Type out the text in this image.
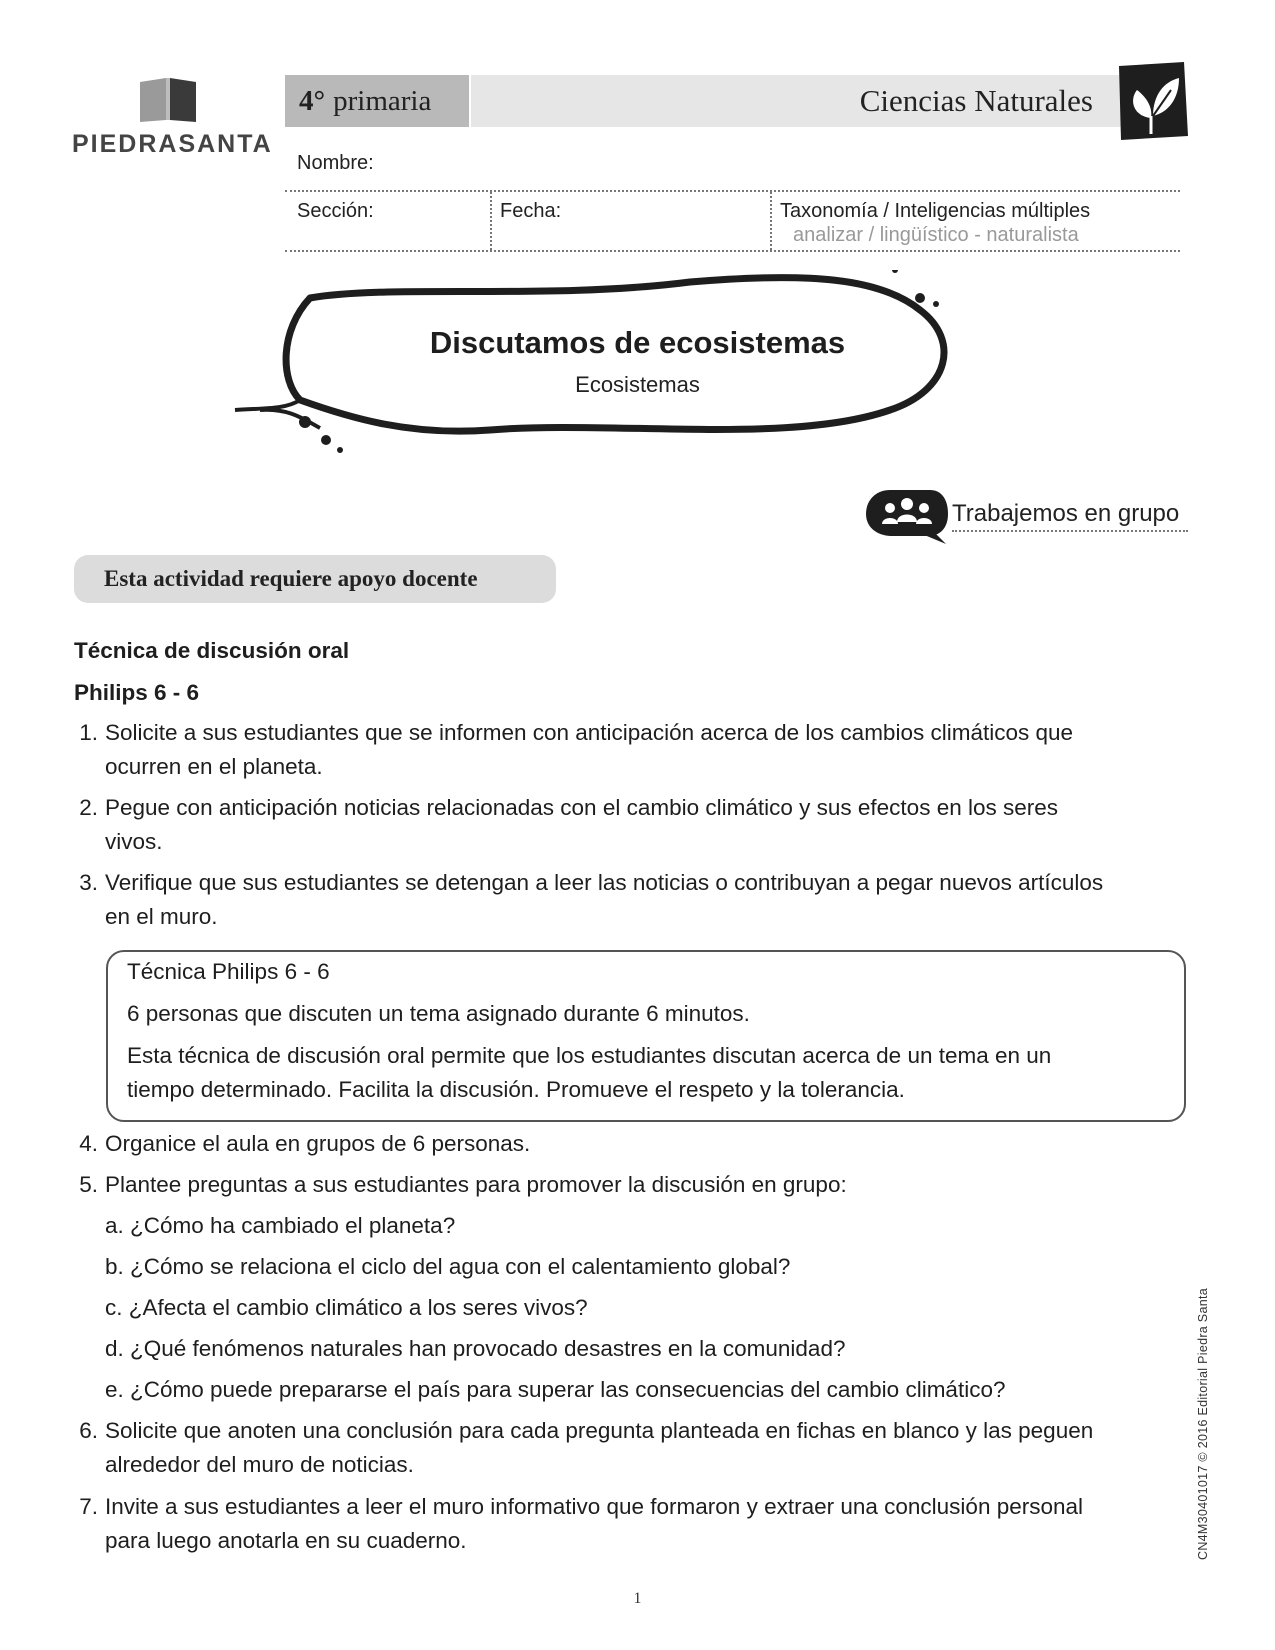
PIEDRASANTA
4° primaria	Ciencias Naturales
Nombre:
Sección:	Fecha:	Taxonomía / Inteligencias múltiples
analizar / lingüístico - naturalista
Discutamos de ecosistemas
Ecosistemas
Trabajemos en grupo
Esta actividad requiere apoyo docente
Técnica de discusión oral
Philips 6 - 6
1. Solicite a sus estudiantes que se informen con anticipación acerca de los cambios climáticos que
ocurren en el planeta.
2. Pegue con anticipación noticias relacionadas con el cambio climático y sus efectos en los seres
vivos.
3. Verifique que sus estudiantes se detengan a leer las noticias o contribuyan a pegar nuevos artículos
en el muro.
Técnica Philips 6 - 6
6 personas que discuten un tema asignado durante 6 minutos.
Esta técnica de discusión oral permite que los estudiantes discutan acerca de un tema en un
tiempo determinado. Facilita la discusión. Promueve el respeto y la tolerancia.
4. Organice el aula en grupos de 6 personas.
5. Plantee preguntas a sus estudiantes para promover la discusión en grupo:
a. ¿Cómo ha cambiado el planeta?
b. ¿Cómo se relaciona el ciclo del agua con el calentamiento global?
c. ¿Afecta el cambio climático a los seres vivos?
d. ¿Qué fenómenos naturales han provocado desastres en la comunidad?
e. ¿Cómo puede prepararse el país para superar las consecuencias del cambio climático?
6. Solicite que anoten una conclusión para cada pregunta planteada en fichas en blanco y las peguen
alrededor del muro de noticias.
7. Invite a sus estudiantes a leer el muro informativo que formaron y extraer una conclusión personal
para luego anotarla en su cuaderno.	CN4M30401017 © 2016 Editorial Piedra Santa
1
